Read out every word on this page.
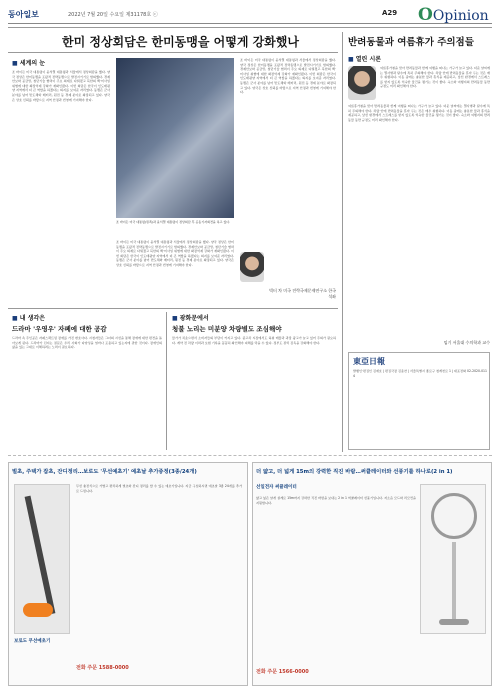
동아일보	2022년 7월 20일 수요일 제31178호 ⓒ	A29 OOpinion
한미 정상회담은 한미동맹을 어떻게 강화했나
■ 세계의 눈
조 바이든 미국 대통령이 윤석열 대통령과 서울에서 정상회담을 했다. 양국 정상은 한미동맹을 포괄적 전략동맹으로 발전시키기로 합의했다. 경제안보와 공급망, 첨단기술 협력이 주요 의제로 다뤄졌고 북한의 핵·미사일 위협에 대한 확장억제 강화가 재확인됐다. 이번 회담은 한국이 인도태평양 지역에서 더 큰 역할을 하겠다는 의지를 보여준 자리였다. 동맹은 군사 분야를 넘어 반도체와 배터리, 원전 등 경제 분야로 확장되고 있다. 양국은 상호 신뢰를 바탕으로 지역 안정과 번영에 기여해야 한다.
조 바이든 미국 대통령(왼쪽)과 윤석열 대통령이 정상회담 후 공동기자회견을 하고 있다.
조 바이든 미국 대통령이 윤석열 대통령과 서울에서 정상회담을 했다. 양국 정상은 한미동맹을 포괄적 전략동맹으로 발전시키기로 합의했다. 경제안보와 공급망, 첨단기술 협력이 주요 의제로 다뤄졌고 북한의 핵·미사일 위협에 대한 확장억제 강화가 재확인됐다. 이번 회담은 한국이 인도태평양 지역에서 더 큰 역할을 하겠다는 의지를 보여준 자리였다. 동맹은 군사 분야를 넘어 반도체와 배터리, 원전 등 경제 분야로 확장되고 있다. 양국은 상호 신뢰를 바탕으로 지역 안정과 번영에 기여해야 한다.
조 바이든 미국 대통령이 윤석열 대통령과 서울에서 정상회담을 했다. 양국 정상은 한미동맹을 포괄적 전략동맹으로 발전시키기로 합의했다. 경제안보와 공급망, 첨단기술 협력이 주요 의제로 다뤄졌고 북한의 핵·미사일 위협에 대한 확장억제 강화가 재확인됐다. 이번 회담은 한국이 인도태평양 지역에서 더 큰 역할을 하겠다는 의지를 보여준 자리였다. 동맹은 군사 분야를 넘어 반도체와 배터리, 원전 등 경제 분야로 확장되고 있다. 양국은 상호 신뢰를 바탕으로 지역 안정과 번영에 기여해야 한다.
빅터 차 미국 전략국제문제연구소 한국석좌
■ 내 생각은
드라마 '우영우' 자폐에 대한 공감
드라마 속 주인공은 자폐스펙트럼 장애를 가진 변호사다. 시청자들은 그녀의 시선을 통해 장애에 대한 편견을 돌아보게 된다. 드라마가 던지는 질문은 우리 사회가 다양성을 얼마나 포용하고 있는지에 관한 것이다. 장애인의 삶을 있는 그대로 이해하려는 노력이 필요하다.
■ 광화문에서
청불 노리는 미분양 차량별도 조심해야
물가가 치솟으면서 소비자들의 부담이 커지고 있다. 중고차 시장에서도 허위 매물과 과장 광고가 늘고 있어 주의가 필요하다. 계약 전 차량 이력과 보험 기록을 꼼꼼히 확인해야 피해를 막을 수 있다. 정부도 관리 감독을 강화해야 한다.
반려동물과 여름휴가 주의점들
■ 열린 시론
여름휴가철을 맞아 반려동물과 함께 여행을 떠나는 가구가 늘고 있다. 더운 날씨에는 열사병과 탈수에 특히 주의해야 한다. 차량 안에 반려동물을 혼자 두는 것은 매우 위험하다. 이동 중에는 충분한 물과 휴식을 제공하고, 낯선 환경에서 스트레스를 받지 않도록 익숙한 물건을 챙기는 것이 좋다. 숙소와 여행지의 반려동물 동반 규정도 미리 확인해야 한다.
여름휴가철을 맞아 반려동물과 함께 여행을 떠나는 가구가 늘고 있다. 더운 날씨에는 열사병과 탈수에 특히 주의해야 한다. 차량 안에 반려동물을 혼자 두는 것은 매우 위험하다. 이동 중에는 충분한 물과 휴식을 제공하고, 낯선 환경에서 스트레스를 받지 않도록 익숙한 물건을 챙기는 것이 좋다. 숙소와 여행지의 반려동물 동반 규정도 미리 확인해야 한다.
임기 서울대 수의학과 교수
東亞日報
발행인·편집인 김재호 | 편집국장 김용찬 | 서울특별시 종로구 청계천로 1 | 대표전화 02-2020-0114
벌초, 주택가 잡초, 잔디정리…보로도 '무선예초기' 예초날 추가증정(3종/24개)
보로도 무선예초기
무선 충전식으로 가볍고 편리하게 벌초와 잔디 정리를 할 수 있는 예초기입니다. 지금 구입하시면 예초날 3종 24개를 추가로 드립니다.
전화 주문 1588-0000
더 얇고, 더 넓게 15m의 강력한 직진 바람…써큘레이터와 선풍기를 하나로(2 in 1)
선일전자 써큘레이터
얇고 넓은 날개 설계로 15m까지 강력한 직진 바람을 보내는 2 in 1 써큘레이터 선풍기입니다. 저소음 모드와 리모컨을 지원합니다.
전화 주문 1566-0000
